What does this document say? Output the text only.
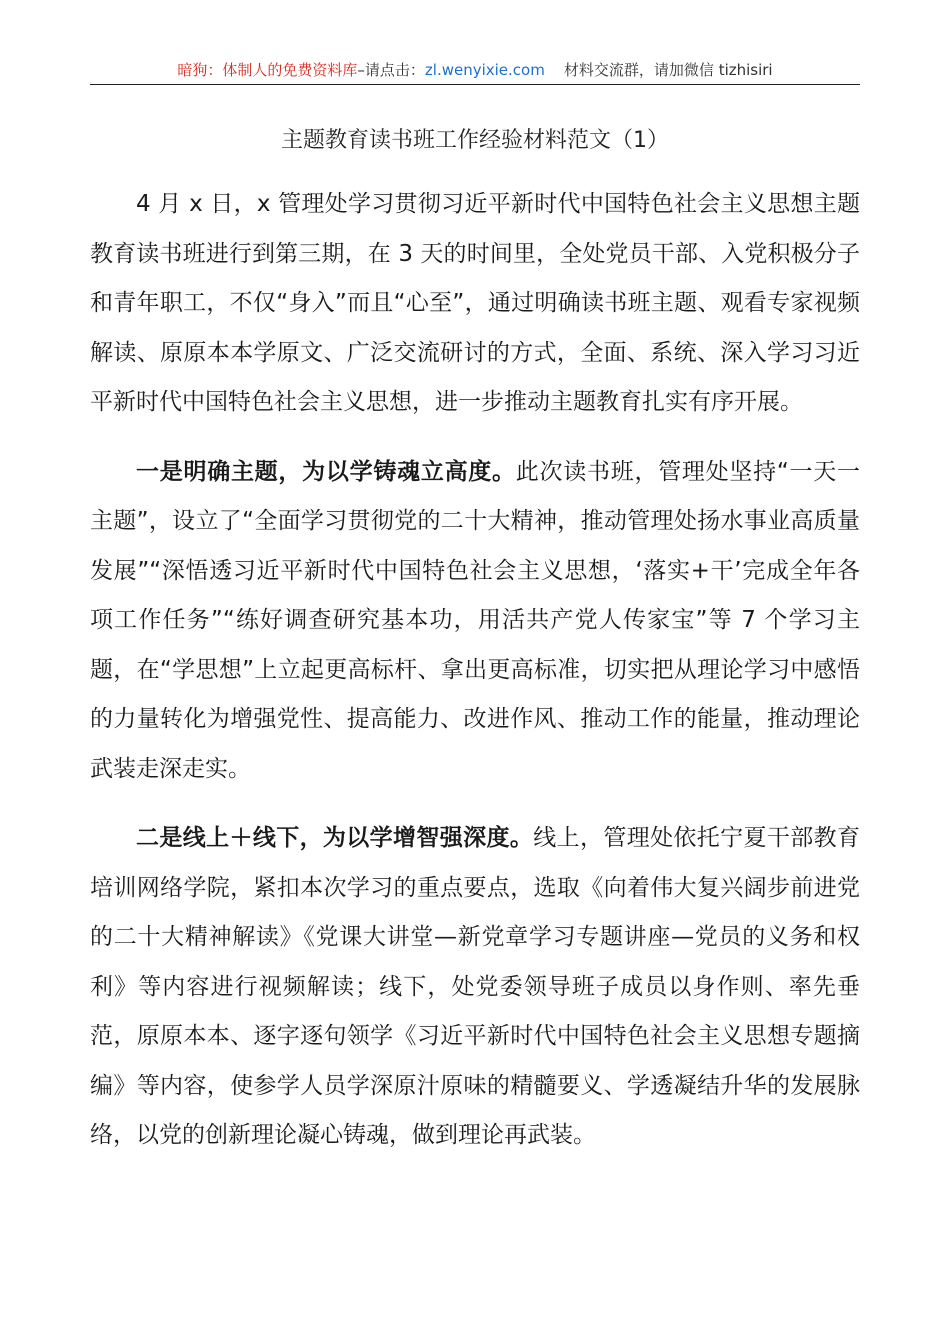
暗狗：体制人的免费资料库–请点击：zl.wenyixie.com 材料交流群，请加微信 tizhisiri
主题教育读书班工作经验材料范文（1）

4 月 x 日，x 管理处学习贯彻习近平新时代中国特色社会主义思想主题教育读书班进行到第三期，在 3 天的时间里，全处党员干部、入党积极分子和青年职工，不仅“身入”而且“心至”，通过明确读书班主题、观看专家视频解读、原原本本学原文、广泛交流研讨的方式，全面、系统、深入学习习近平新时代中国特色社会主义思想，进一步推动主题教育扎实有序开展。

一是明确主题，为以学铸魂立高度。此次读书班，管理处坚持“一天一主题”，设立了“全面学习贯彻党的二十大精神，推动管理处扬水事业高质量发展”“深悟透习近平新时代中国特色社会主义思想，‘落实+干’完成全年各项工作任务”“练好调查研究基本功，用活共产党人传家宝”等 7 个学习主题，在“学思想”上立起更高标杆、拿出更高标准，切实把从理论学习中感悟的力量转化为增强党性、提高能力、改进作风、推动工作的能量，推动理论武装走深走实。

二是线上＋线下，为以学增智强深度。线上，管理处依托宁夏干部教育培训网络学院，紧扣本次学习的重点要点，选取《向着伟大复兴阔步前进党的二十大精神解读》《党课大讲堂—新党章学习专题讲座—党员的义务和权利》等内容进行视频解读；线下，处党委领导班子成员以身作则、率先垂范，原原本本、逐字逐句领学《习近平新时代中国特色社会主义思想专题摘编》等内容，使参学人员学深原汁原味的精髓要义、学透凝结升华的发展脉络，以党的创新理论凝心铸魂，做到理论再武装。
